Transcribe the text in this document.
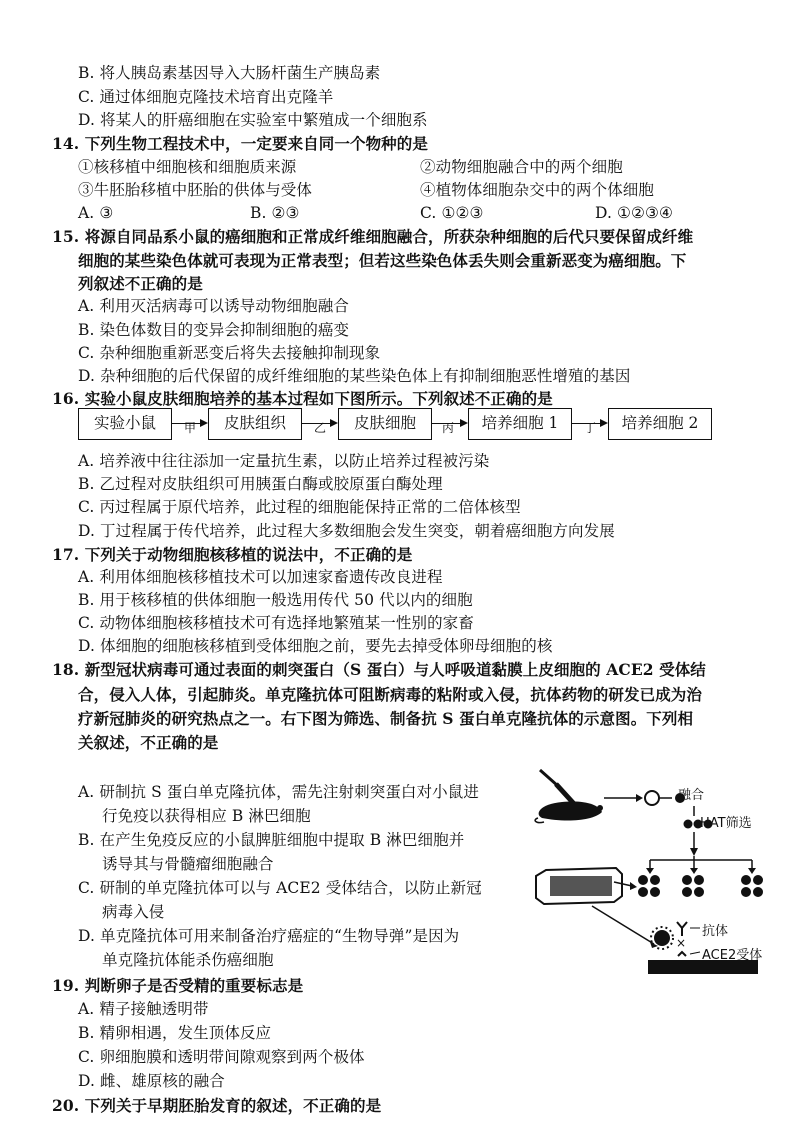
B. 将人胰岛素基因导入大肠杆菌生产胰岛素
C. 通过体细胞克隆技术培育出克隆羊
D. 将某人的肝癌细胞在实验室中繁殖成一个细胞系
14. 下列生物工程技术中，一定要来自同一个物种的是
①核移植中细胞核和细胞质来源	②动物细胞融合中的两个细胞
③牛胚胎移植中胚胎的供体与受体	④植物体细胞杂交中的两个体细胞
A. ③	B. ②③	C. ①②③	D. ①②③④
15. 将源自同品系小鼠的癌细胞和正常成纤维细胞融合，所获杂种细胞的后代只要保留成纤维
细胞的某些染色体就可表现为正常表型；但若这些染色体丢失则会重新恶变为癌细胞。下
列叙述不正确的是
A. 利用灭活病毒可以诱导动物细胞融合
B. 染色体数目的变异会抑制细胞的癌变
C. 杂种细胞重新恶变后将失去接触抑制现象
D. 杂种细胞的后代保留的成纤维细胞的某些染色体上有抑制细胞恶性增殖的基因
16. 实验小鼠皮肤细胞培养的基本过程如下图所示。下列叙述不正确的是
实验小鼠	甲	皮肤组织	乙	皮肤细胞	丙	培养细胞 1	丁	培养细胞 2
A. 培养液中往往添加一定量抗生素，以防止培养过程被污染
B. 乙过程对皮肤组织可用胰蛋白酶或胶原蛋白酶处理
C. 丙过程属于原代培养，此过程的细胞能保持正常的二倍体核型
D. 丁过程属于传代培养，此过程大多数细胞会发生突变，朝着癌细胞方向发展
17. 下列关于动物细胞核移植的说法中，不正确的是
A. 利用体细胞核移植技术可以加速家畜遗传改良进程
B. 用于核移植的供体细胞一般选用传代 50 代以内的细胞
C. 动物体细胞核移植技术可有选择地繁殖某一性别的家畜
D. 体细胞的细胞核移植到受体细胞之前，要先去掉受体卵母细胞的核
18. 新型冠状病毒可通过表面的刺突蛋白（S 蛋白）与人呼吸道黏膜上皮细胞的 ACE2 受体结
合，侵入人体，引起肺炎。单克隆抗体可阻断病毒的粘附或入侵，抗体药物的研发已成为治
疗新冠肺炎的研究热点之一。右下图为筛选、制备抗 S 蛋白单克隆抗体的示意图。下列相
关叙述，不正确的是
A. 研制抗 S 蛋白单克隆抗体，需先注射刺突蛋白对小鼠进
行免疫以获得相应 B 淋巴细胞
B. 在产生免疫反应的小鼠脾脏细胞中提取 B 淋巴细胞并
诱导其与骨髓瘤细胞融合
C. 研制的单克隆抗体可以与 ACE2 受体结合，以防止新冠
病毒入侵
D. 单克隆抗体可用来制备治疗癌症的“生物导弹”是因为
单克隆抗体能杀伤癌细胞
融合
HAT筛选
抗体
×
ACE2受体
19. 判断卵子是否受精的重要标志是
A. 精子接触透明带
B. 精卵相遇，发生顶体反应
C. 卵细胞膜和透明带间隙观察到两个极体
D. 雌、雄原核的融合
20. 下列关于早期胚胎发育的叙述，不正确的是
